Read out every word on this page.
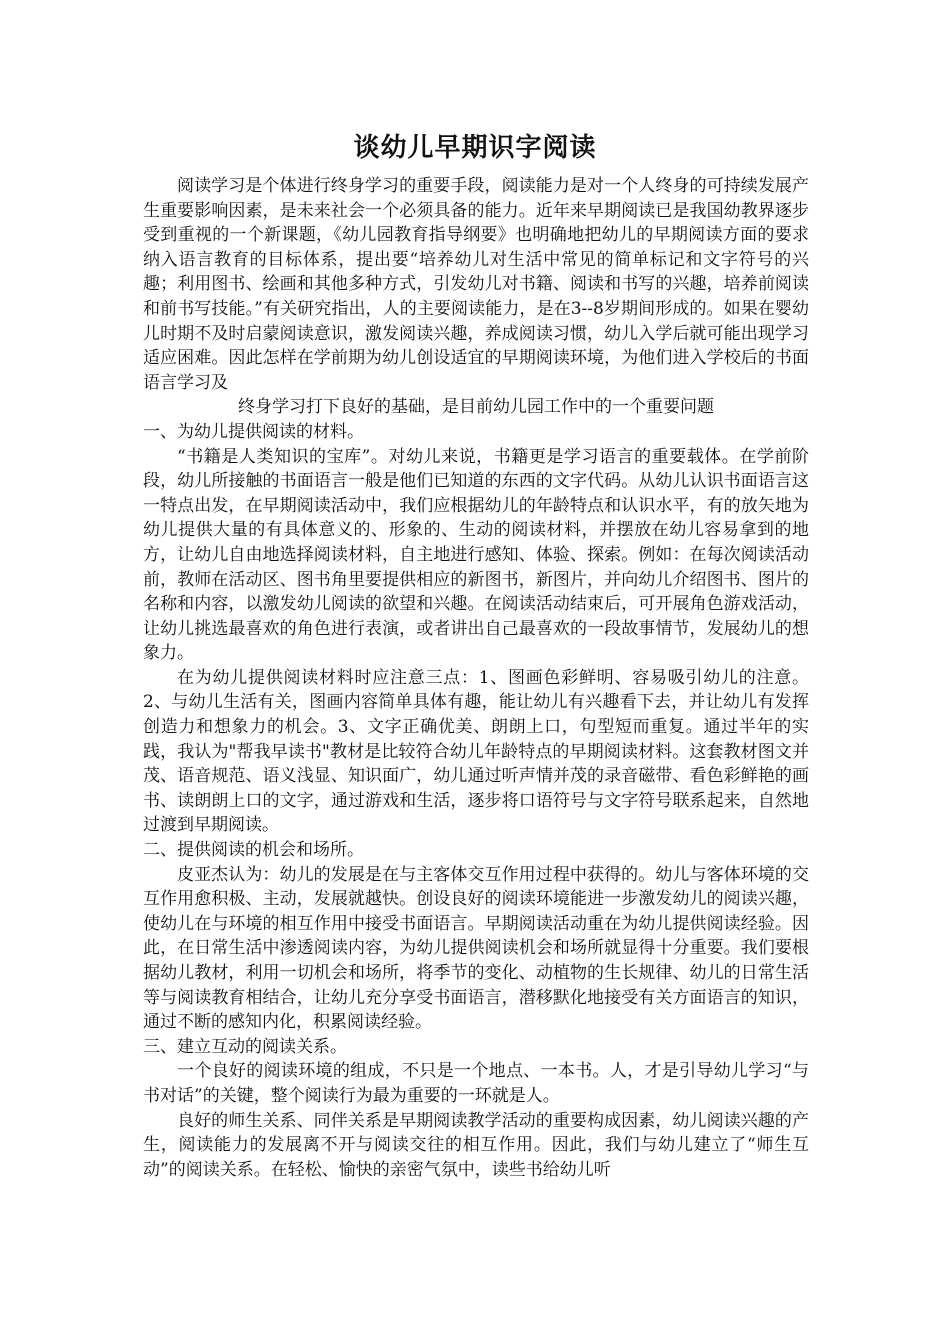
谈幼儿早期识字阅读

阅读学习是个体进行终身学习的重要手段，阅读能力是对一个人终身的可持续发展产生重要影响因素，是未来社会一个必须具备的能力。近年来早期阅读已是我国幼教界逐步受到重视的一个新课题，《幼儿园教育指导纲要》也明确地把幼儿的早期阅读方面的要求纳入语言教育的目标体系，提出要“培养幼儿对生活中常见的简单标记和文字符号的兴趣；利用图书、绘画和其他多种方式，引发幼儿对书籍、阅读和书写的兴趣，培养前阅读和前书写技能。”有关研究指出，人的主要阅读能力，是在3--8岁期间形成的。如果在婴幼儿时期不及时启蒙阅读意识，激发阅读兴趣，养成阅读习惯，幼儿入学后就可能出现学习适应困难。因此怎样在学前期为幼儿创设适宜的早期阅读环境，为他们进入学校后的书面语言学习及

终身学习打下良好的基础，是目前幼儿园工作中的一个重要问题

一、为幼儿提供阅读的材料。

“书籍是人类知识的宝库”。对幼儿来说，书籍更是学习语言的重要载体。在学前阶段，幼儿所接触的书面语言一般是他们已知道的东西的文字代码。从幼儿认识书面语言这一特点出发，在早期阅读活动中，我们应根据幼儿的年龄特点和认识水平，有的放矢地为幼儿提供大量的有具体意义的、形象的、生动的阅读材料，并摆放在幼儿容易拿到的地方，让幼儿自由地选择阅读材料，自主地进行感知、体验、探索。例如：在每次阅读活动前，教师在活动区、图书角里要提供相应的新图书，新图片，并向幼儿介绍图书、图片的名称和内容，以激发幼儿阅读的欲望和兴趣。在阅读活动结束后，可开展角色游戏活动，让幼儿挑选最喜欢的角色进行表演，或者讲出自己最喜欢的一段故事情节，发展幼儿的想象力。

在为幼儿提供阅读材料时应注意三点：1、图画色彩鲜明、容易吸引幼儿的注意。2、与幼儿生活有关，图画内容简单具体有趣，能让幼儿有兴趣看下去，并让幼儿有发挥创造力和想象力的机会。3、文字正确优美、朗朗上口，句型短而重复。通过半年的实践，我认为"帮我早读书"教材是比较符合幼儿年龄特点的早期阅读材料。这套教材图文并茂、语音规范、语义浅显、知识面广，幼儿通过听声情并茂的录音磁带、看色彩鲜艳的画书、读朗朗上口的文字，通过游戏和生活，逐步将口语符号与文字符号联系起来，自然地过渡到早期阅读。

二、提供阅读的机会和场所。

皮亚杰认为：幼儿的发展是在与主客体交互作用过程中获得的。幼儿与客体环境的交互作用愈积极、主动，发展就越快。创设良好的阅读环境能进一步激发幼儿的阅读兴趣，使幼儿在与环境的相互作用中接受书面语言。早期阅读活动重在为幼儿提供阅读经验。因此，在日常生活中渗透阅读内容，为幼儿提供阅读机会和场所就显得十分重要。我们要根据幼儿教材，利用一切机会和场所，将季节的变化、动植物的生长规律、幼儿的日常生活等与阅读教育相结合，让幼儿充分享受书面语言，潜移默化地接受有关方面语言的知识，通过不断的感知内化，积累阅读经验。

三、建立互动的阅读关系。

一个良好的阅读环境的组成，不只是一个地点、一本书。人，才是引导幼儿学习“与书对话”的关键，整个阅读行为最为重要的一环就是人。

良好的师生关系、同伴关系是早期阅读教学活动的重要构成因素，幼儿阅读兴趣的产生，阅读能力的发展离不开与阅读交往的相互作用。因此，我们与幼儿建立了“师生互动”的阅读关系。在轻松、愉快的亲密气氛中，读些书给幼儿听
